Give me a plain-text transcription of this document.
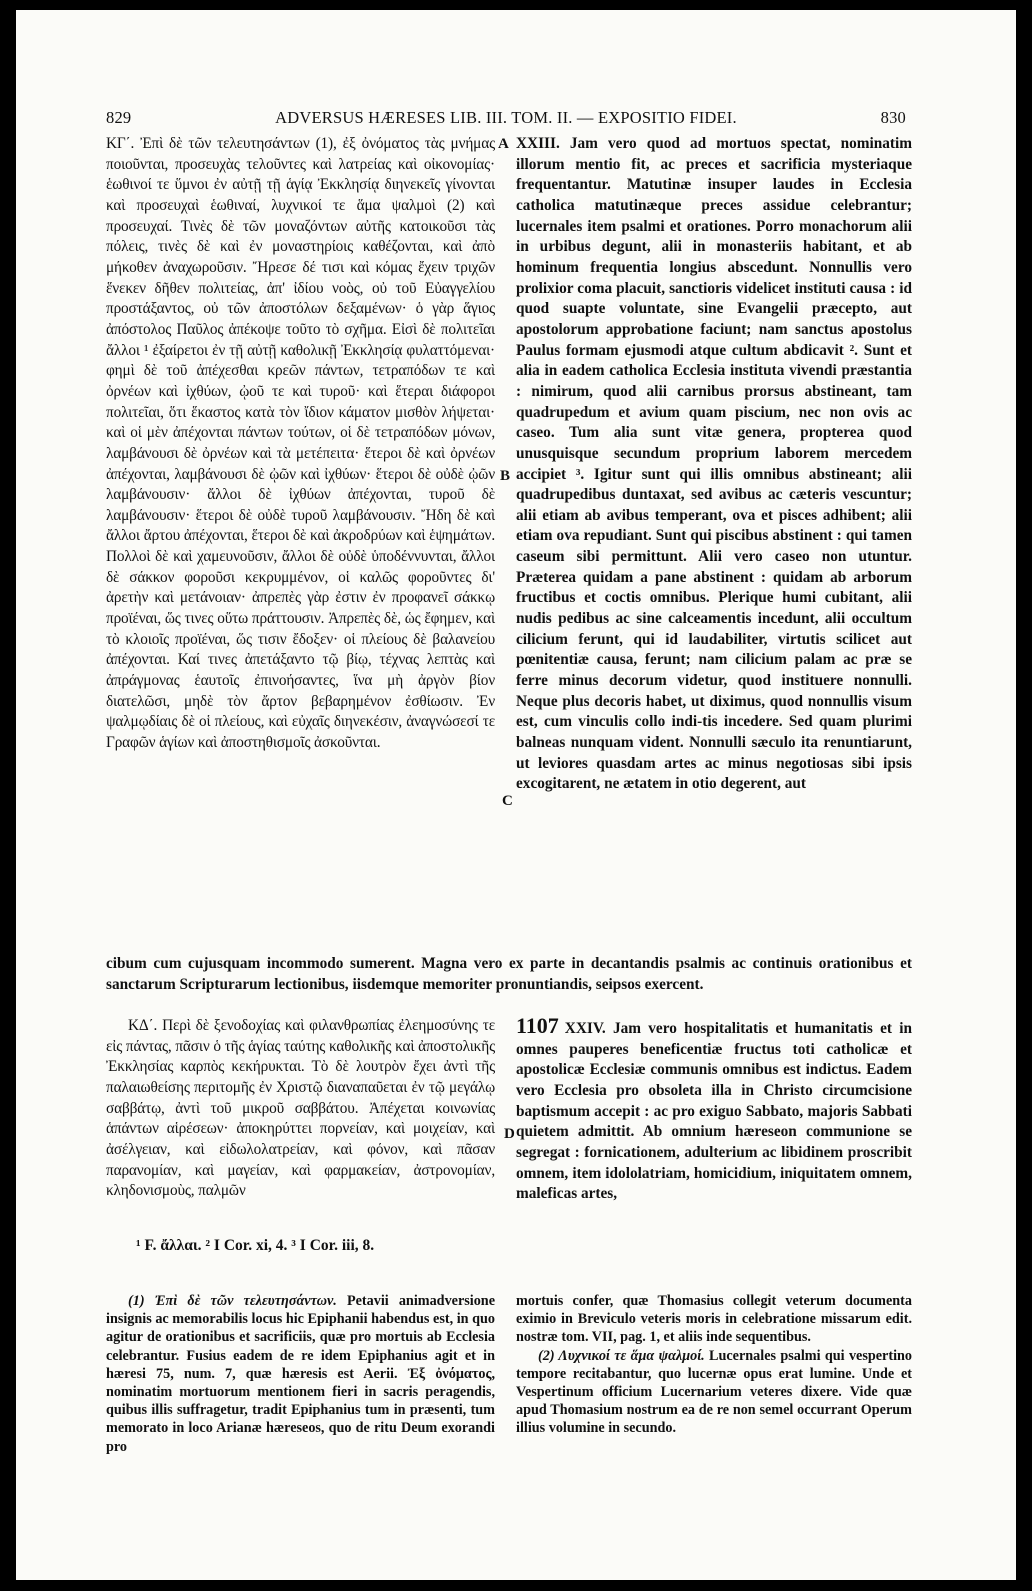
829	ADVERSUS HÆRESES LIB. III. TOM. II. — EXPOSITIO FIDEI.	830

ΚΓ΄. Ἐπὶ δὲ τῶν τελευτησάντων (1), ἐξ ὀνόματος τὰς μνήμας ποιοῦνται, προσευχὰς τελοῦντες καὶ λατρείας καὶ οἰκονομίας· ἑωθινοί τε ὕμνοι ἐν αὐτῇ τῇ ἁγίᾳ Ἐκκλησίᾳ διηνεκεῖς γίνονται καὶ προσευχαὶ ἑωθιναί, λυχνικοί τε ἅμα ψαλμοὶ (2) καὶ προσευχαί. Τινὲς δὲ τῶν μοναζόντων αὐτῆς κατοικοῦσι τὰς πόλεις, τινὲς δὲ καὶ ἐν μοναστηρίοις καθέζονται, καὶ ἀπὸ μήκοθεν ἀναχωροῦσιν. Ἤρεσε δέ τισι καὶ κόμας ἔχειν τριχῶν ἕνεκεν δῆθεν πολιτείας, ἀπ' ἰδίου νοὸς, οὐ τοῦ Εὐαγγελίου προστάξαντος, οὐ τῶν ἀποστόλων δεξαμένων· ὁ γὰρ ἅγιος ἀπόστολος Παῦλος ἀπέκοψε τοῦτο τὸ σχῆμα. Εἰσὶ δὲ πολιτεῖαι ἄλλοι ¹ ἐξαίρετοι ἐν τῇ αὐτῇ καθολικῇ Ἐκκλησίᾳ φυλαττόμεναι· φημὶ δὲ τοῦ ἀπέχεσθαι κρεῶν πάντων, τετραπόδων τε καὶ ὀρνέων καὶ ἰχθύων, ᾠοῦ τε καὶ τυροῦ· καὶ ἕτεραι διάφοροι πολιτεῖαι, ὅτι ἕκαστος κατὰ τὸν ἴδιον κάματον μισθὸν λήψεται· καὶ οἱ μὲν ἀπέχονται πάντων τούτων, οἱ δὲ τετραπόδων μόνων, λαμβάνουσι δὲ ὀρνέων καὶ τὰ μετέπειτα· ἕτεροι δὲ καὶ ὀρνέων ἀπέχονται, λαμβάνουσι δὲ ᾠῶν καὶ ἰχθύων· ἕτεροι δὲ οὐδὲ ᾠῶν λαμβάνουσιν· ἄλλοι δὲ ἰχθύων ἀπέχονται, τυροῦ δὲ λαμβάνουσιν· ἕτεροι δὲ οὐδὲ τυροῦ λαμβάνουσιν. Ἤδη δὲ καὶ ἄλλοι ἄρτου ἀπέχονται, ἕτεροι δὲ καὶ ἀκροδρύων καὶ ἑψημάτων. Πολλοὶ δὲ καὶ χαμευνοῦσιν, ἄλλοι δὲ οὐδὲ ὑποδέννυνται, ἄλλοι δὲ σάκκον φοροῦσι κεκρυμμένον, οἱ καλῶς φοροῦντες δι' ἀρετὴν καὶ μετάνοιαν· ἀπρεπὲς γὰρ ἐστιν ἐν προφανεῖ σάκκῳ προϊέναι, ὥς τινες οὕτω πράττουσιν. Ἀπρεπὲς δὲ, ὡς ἔφημεν, καὶ τὸ κλοιοῖς προϊέναι, ὥς τισιν ἔδοξεν· οἱ πλείους δὲ βαλανείου ἀπέχονται. Καί τινες ἀπετάξαντο τῷ βίῳ, τέχνας λεπτὰς καὶ ἀπράγμονας ἑαυτοῖς ἐπινοήσαντες, ἵνα μὴ ἀργὸν βίον διατελῶσι, μηδὲ τὸν ἄρτον βεβαρημένον ἐσθίωσιν. Ἐν ψαλμῳδίαις δὲ οἱ πλείους, καὶ εὐχαῖς διηνεκέσιν, ἀναγνώσεσί τε Γραφῶν ἁγίων καὶ ἀποστηθισμοῖς ἀσκοῦνται.

XXIII. Jam vero quod ad mortuos spectat, nominatim illorum mentio fit, ac preces et sacrificia mysteriaque frequentantur. Matutinæ insuper laudes in Ecclesia catholica matutinæque preces assidue celebrantur; lucernales item psalmi et orationes. Porro monachorum alii in urbibus degunt, alii in monasteriis habitant, et ab hominum frequentia longius abscedunt. Nonnullis vero prolixior coma placuit, sanctioris videlicet instituti causa : id quod suapte voluntate, sine Evangelii præcepto, aut apostolorum approbatione faciunt; nam sanctus apostolus Paulus formam ejusmodi atque cultum abdicavit ². Sunt et alia in eadem catholica Ecclesia instituta vivendi præstantia : nimirum, quod alii carnibus prorsus abstineant, tam quadrupedum et avium quam piscium, nec non ovis ac caseo. Tum alia sunt vitæ genera, propterea quod unusquisque secundum proprium laborem mercedem accipiet ³. Igitur sunt qui illis omnibus abstineant; alii quadrupedibus duntaxat, sed avibus ac cæteris vescuntur; alii etiam ab avibus temperant, ova et pisces adhibent; alii etiam ova repudiant. Sunt qui piscibus abstinent : qui tamen caseum sibi permittunt. Alii vero caseo non utuntur. Præterea quidam a pane abstinent : quidam ab arborum fructibus et coctis omnibus. Plerique humi cubitant, alii nudis pedibus ac sine calceamentis incedunt, alii occultum cilicium ferunt, qui id laudabiliter, virtutis scilicet aut pœnitentiæ causa, ferunt; nam cilicium palam ac præ se ferre minus decorum videtur, quod instituere nonnulli. Neque plus decoris habet, ut diximus, quod nonnullis visum est, cum vinculis collo indi-tis incedere. Sed quam plurimi balneas nunquam vident. Nonnulli sæculo ita renuntiarunt, ut leviores quasdam artes ac minus negotiosas sibi ipsis excogitarent, ne ætatem in otio degerent, aut

A
B
C
D

cibum cum cujusquam incommodo sumerent. Magna vero ex parte in decantandis psalmis ac continuis orationibus et sanctarum Scripturarum lectionibus, iisdemque memoriter pronuntiandis, seipsos exercent.

ΚΔ΄. Περὶ δὲ ξενοδοχίας καὶ φιλανθρωπίας ἐλεημοσύνης τε εἰς πάντας, πᾶσιν ὁ τῆς ἁγίας ταύτης καθολικῆς καὶ ἀποστολικῆς Ἐκκλησίας καρπὸς κεκήρυκται. Τὸ δὲ λουτρὸν ἔχει ἀντὶ τῆς παλαιωθείσης περιτομῆς ἐν Χριστῷ διαναπαῦεται ἐν τῷ μεγάλῳ σαββάτῳ, ἀντὶ τοῦ μικροῦ σαββάτου. Ἀπέχεται κοινωνίας ἁπάντων αἱρέσεων· ἀποκηρύττει πορνείαν, καὶ μοιχείαν, καὶ ἀσέλγειαν, καὶ εἰδωλολατρείαν, καὶ φόνον, καὶ πᾶσαν παρανομίαν, καὶ μαγείαν, καὶ φαρμακείαν, ἀστρονομίαν, κληδονισμοὺς, παλμῶν

1107 XXIV. Jam vero hospitalitatis et humanitatis et in omnes pauperes beneficentiæ fructus toti catholicæ et apostolicæ Ecclesiæ communis omnibus est indictus. Eadem vero Ecclesia pro obsoleta illa in Christo circumcisione baptismum accepit : ac pro exiguo Sabbato, majoris Sabbati quietem admittit. Ab omnium hæreseon communione se segregat : fornicationem, adulterium ac libidinem proscribit omnem, item idololatriam, homicidium, iniquitatem omnem, maleficas artes,

¹ F. ἄλλαι. ² I Cor. xi, 4. ³ I Cor. iii, 8.

(1) Ἐπὶ δὲ τῶν τελευτησάντων. Petavii animadversione insignis ac memorabilis locus hic Epiphanii habendus est, in quo agitur de orationibus et sacrificiis, quæ pro mortuis ab Ecclesia celebrantur. Fusius eadem de re idem Epiphanius agit et in hæresi 75, num. 7, quæ hæresis est Aerii. Ἐξ ὀνόματος, nominatim mortuorum mentionem fieri in sacris peragendis, quibus illis suffragetur, tradit Epiphanius tum in præsenti, tum memorato in loco Arianæ hæreseos, quo de ritu Deum exorandi pro

mortuis confer, quæ Thomasius collegit veterum documenta eximio in Breviculo veteris moris in celebratione missarum edit. nostræ tom. VII, pag. 1, et aliis inde sequentibus.

(2) Λυχνικοί τε ἅμα ψαλμοί. Lucernales psalmi qui vespertino tempore recitabantur, quo lucernæ opus erat lumine. Unde et Vespertinum officium Lucernarium veteres dixere. Vide quæ apud Thomasium nostrum ea de re non semel occurrant Operum illius volumine in secundo.
